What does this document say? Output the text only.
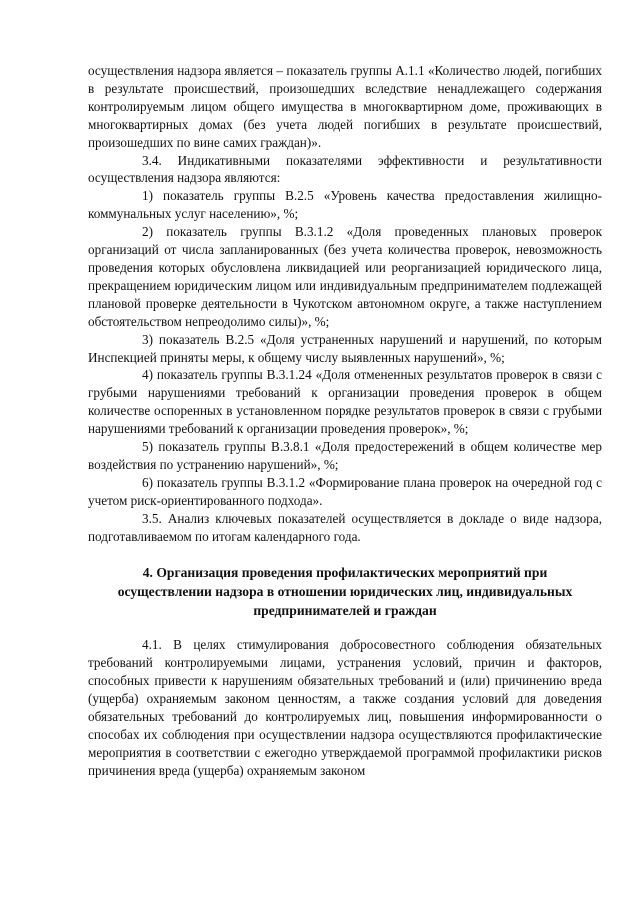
осуществления надзора является – показатель группы А.1.1 «Количество людей, погибших в результате происшествий, произошедших вследствие ненадлежащего содержания контролируемым лицом общего имущества в многоквартирном доме, проживающих в многоквартирных домах (без учета людей погибших в результате происшествий, произошедших по вине самих граждан)».

3.4. Индикативными показателями эффективности и результативности осуществления надзора являются:

1) показатель группы В.2.5 «Уровень качества предоставления жилищно-коммунальных услуг населению», %;

2) показатель группы В.3.1.2 «Доля проведенных плановых проверок организаций от числа запланированных (без учета количества проверок, невозможность проведения которых обусловлена ликвидацией или реорганизацией юридического лица, прекращением юридическим лицом или индивидуальным предпринимателем подлежащей плановой проверке деятельности в Чукотском автономном округе, а также наступлением обстоятельством непреодолимо силы)», %;

3) показатель В.2.5 «Доля устраненных нарушений и нарушений, по которым Инспекцией приняты меры, к общему числу выявленных нарушений», %;

4) показатель группы В.3.1.24 «Доля отмененных результатов проверок в связи с грубыми нарушениями требований к организации проведения проверок в общем количестве оспоренных в установленном порядке результатов проверок в связи с грубыми нарушениями требований к организации проведения проверок», %;

5) показатель группы В.3.8.1 «Доля предостережений в общем количестве мер воздействия по устранению нарушений», %;

6) показатель группы В.3.1.2 «Формирование плана проверок на очередной год с учетом риск-ориентированного подхода».

3.5. Анализ ключевых показателей осуществляется в докладе о виде надзора, подготавливаемом по итогам календарного года.

4. Организация проведения профилактических мероприятий при осуществлении надзора в отношении юридических лиц, индивидуальных предпринимателей и граждан

4.1. В целях стимулирования добросовестного соблюдения обязательных требований контролируемыми лицами, устранения условий, причин и факторов, способных привести к нарушениям обязательных требований и (или) причинению вреда (ущерба) охраняемым законом ценностям, а также создания условий для доведения обязательных требований до контролируемых лиц, повышения информированности о способах их соблюдения при осуществлении надзора осуществляются профилактические мероприятия в соответствии с ежегодно утверждаемой программой профилактики рисков причинения вреда (ущерба) охраняемым законом
